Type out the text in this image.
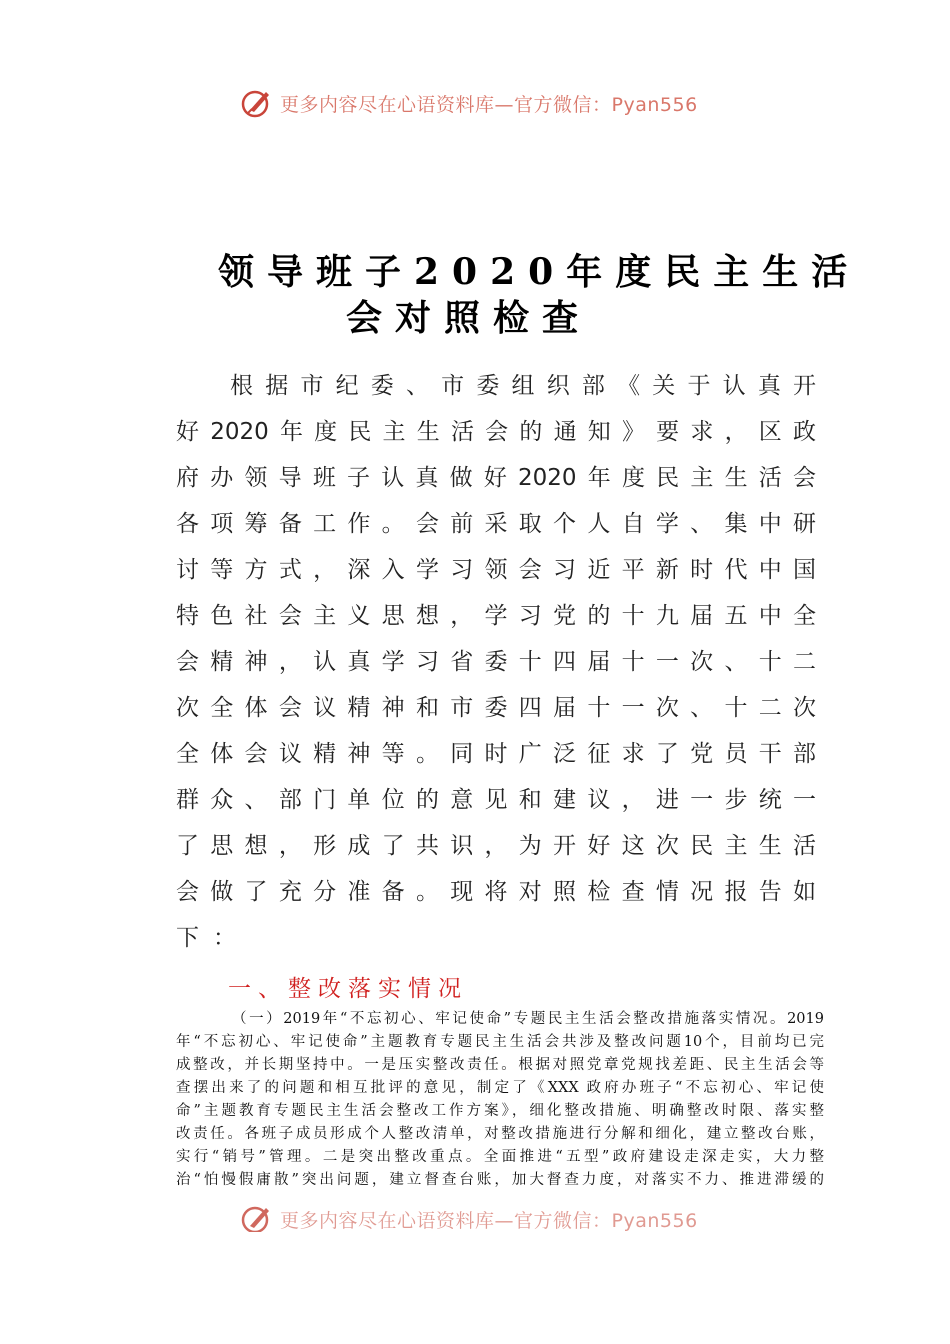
更多内容尽在心语资料库—官方微信：Pyan556
领导班子2020年度民主生活
会对照检查
根据市纪委、市委组织部《关于认真开
好2020年度民主生活会的通知》要求，区政
府办领导班子认真做好2020年度民主生活会
各项筹备工作。会前采取个人自学、集中研
讨等方式，深入学习领会习近平新时代中国
特色社会主义思想，学习党的十九届五中全
会精神，认真学习省委十四届十一次、十二
次全体会议精神和市委四届十一次、十二次
全体会议精神等。同时广泛征求了党员干部
群众、部门单位的意见和建议，进一步统一
了思想，形成了共识，为开好这次民主生活
会做了充分准备。现将对照检查情况报告如
下：
一、整改落实情况
（一）2019年“不忘初心、牢记使命”专题民主生活会整改措施落实情况。2019
年“不忘初心、牢记使命”主题教育专题民主生活会共涉及整改问题10个，目前均已完
成整改，并长期坚持中。一是压实整改责任。根据对照党章党规找差距、民主生活会等
查摆出来了的问题和相互批评的意见，制定了《XXX 政府办班子“不忘初心、牢记使
命”主题教育专题民主生活会整改工作方案》，细化整改措施、明确整改时限、落实整
改责任。各班子成员形成个人整改清单，对整改措施进行分解和细化，建立整改台账，
实行“销号”管理。二是突出整改重点。全面推进“五型”政府建设走深走实，大力整
治“怕慢假庸散”突出问题，建立督查台账，加大督查力度，对落实不力、推进滞缓的
更多内容尽在心语资料库—官方微信：Pyan556
